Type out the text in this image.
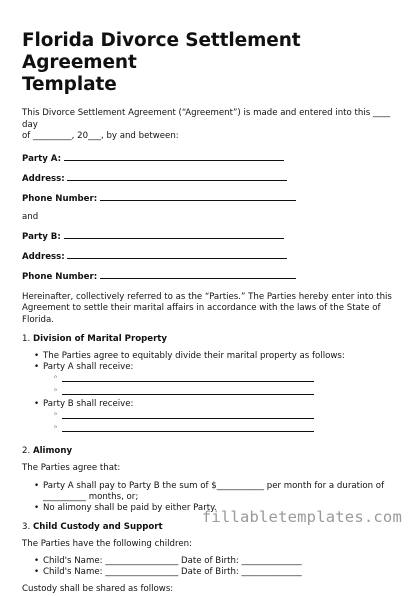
Florida Divorce Settlement Agreement
Template

This Divorce Settlement Agreement (“Agreement”) is made and entered into this ____ day

of _________, 20___, by and between:

Party A:
Address:
Phone Number:
and
Party B:
Address:
Phone Number:

Hereinafter, collectively referred to as the “Parties.” The Parties hereby enter into this

Agreement to settle their marital affairs in accordance with the laws of the State of

Florida.

1. Division of Marital Property
• The Parties agree to equitably divide their marital property as follows:
• Party A shall receive:
◦
◦
• Party B shall receive:
◦
◦
2. Alimony

The Parties agree that:

• Party A shall pay to Party B the sum of $___________ per month for a duration of
__________ months, or;
• No alimony shall be paid by either Party.
3. Child Custody and Support

The Parties have the following children:

• Child's Name: _________________ Date of Birth: ______________
• Child's Name: _________________ Date of Birth: ______________

Custody shall be shared as follows:

fillabletemplates.com
